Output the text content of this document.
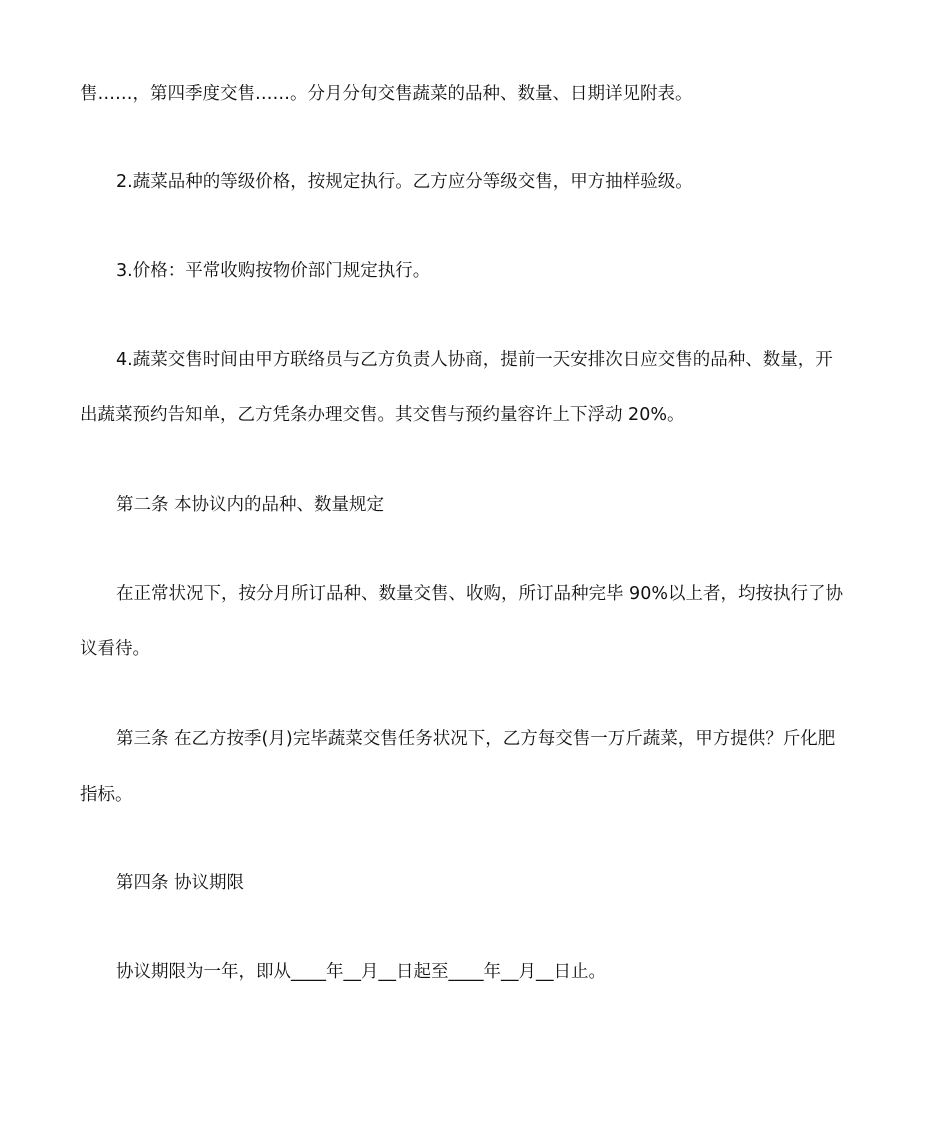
售……，第四季度交售……。分月分旬交售蔬菜的品种、数量、日期详见附表。
2.蔬菜品种的等级价格，按规定执行。乙方应分等级交售，甲方抽样验级。
3.价格：平常收购按物价部门规定执行。
4.蔬菜交售时间由甲方联络员与乙方负责人协商，提前一天安排次日应交售的品种、数量，开
出蔬菜预约告知单，乙方凭条办理交售。其交售与预约量容许上下浮动 20%。
第二条 本协议内的品种、数量规定
在正常状况下，按分月所订品种、数量交售、收购，所订品种完毕 90%以上者，均按执行了协
议看待。
第三条 在乙方按季(月)完毕蔬菜交售任务状况下，乙方每交售一万斤蔬菜，甲方提供？斤化肥
指标。
第四条 协议期限
协议期限为一年，即从____年__月__日起至____年__月__日止。
